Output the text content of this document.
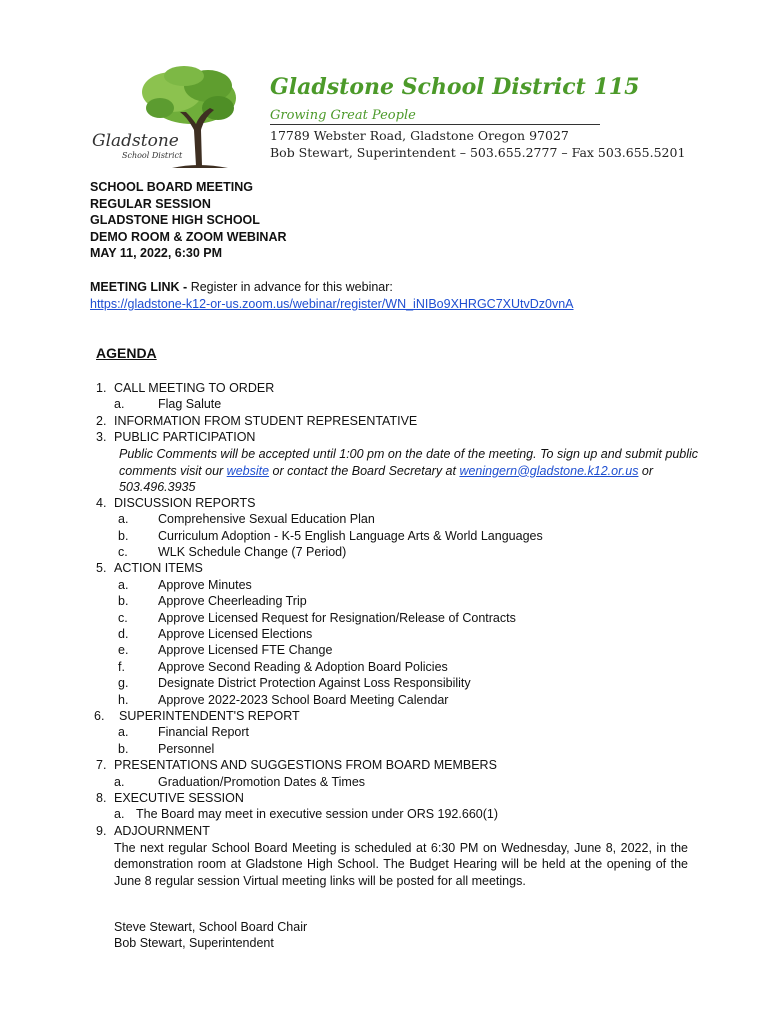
Gladstone
School District
Gladstone School District 115
Growing Great People
17789 Webster Road, Gladstone Oregon 97027
Bob Stewart, Superintendent – 503.655.2777 – Fax 503.655.5201
SCHOOL BOARD MEETING
REGULAR SESSION
GLADSTONE HIGH SCHOOL
DEMO ROOM & ZOOM WEBINAR
MAY 11, 2022, 6:30 PM
MEETING LINK - Register in advance for this webinar:
https://gladstone-k12-or-us.zoom.us/webinar/register/WN_iNIBo9XHRGC7XUtvDz0vnA
AGENDA
1. CALL MEETING TO ORDER
a.	Flag Salute
2. INFORMATION FROM STUDENT REPRESENTATIVE
3. PUBLIC PARTICIPATION
Public Comments will be accepted until 1:00 pm on the date of the meeting. To sign up and submit public comments visit our website or contact the Board Secretary at weningern@gladstone.k12.or.us or 503.496.3935
4. DISCUSSION REPORTS
a. Comprehensive Sexual Education Plan
b. Curriculum Adoption - K-5 English Language Arts & World Languages
c. WLK Schedule Change (7 Period)
5. ACTION ITEMS
a. Approve Minutes
b. Approve Cheerleading Trip
c. Approve Licensed Request for Resignation/Release of Contracts
d. Approve Licensed Elections
e. Approve Licensed FTE Change
f.	Approve Second Reading & Adoption Board Policies
g. Designate District Protection Against Loss Responsibility
h. Approve 2022-2023 School Board Meeting Calendar
6. SUPERINTENDENT'S REPORT
a. Financial Report
b. Personnel
7. PRESENTATIONS AND SUGGESTIONS FROM BOARD MEMBERS
a.	Graduation/Promotion Dates & Times
8. EXECUTIVE SESSION
a. The Board may meet in executive session under ORS 192.660(1)
9. ADJOURNMENT
The next regular School Board Meeting is scheduled at 6:30 PM on Wednesday, June 8, 2022, in the demonstration room at Gladstone High School. The Budget Hearing will be held at the opening of the June 8 regular session Virtual meeting links will be posted for all meetings.
Steve Stewart, School Board Chair
Bob Stewart, Superintendent
